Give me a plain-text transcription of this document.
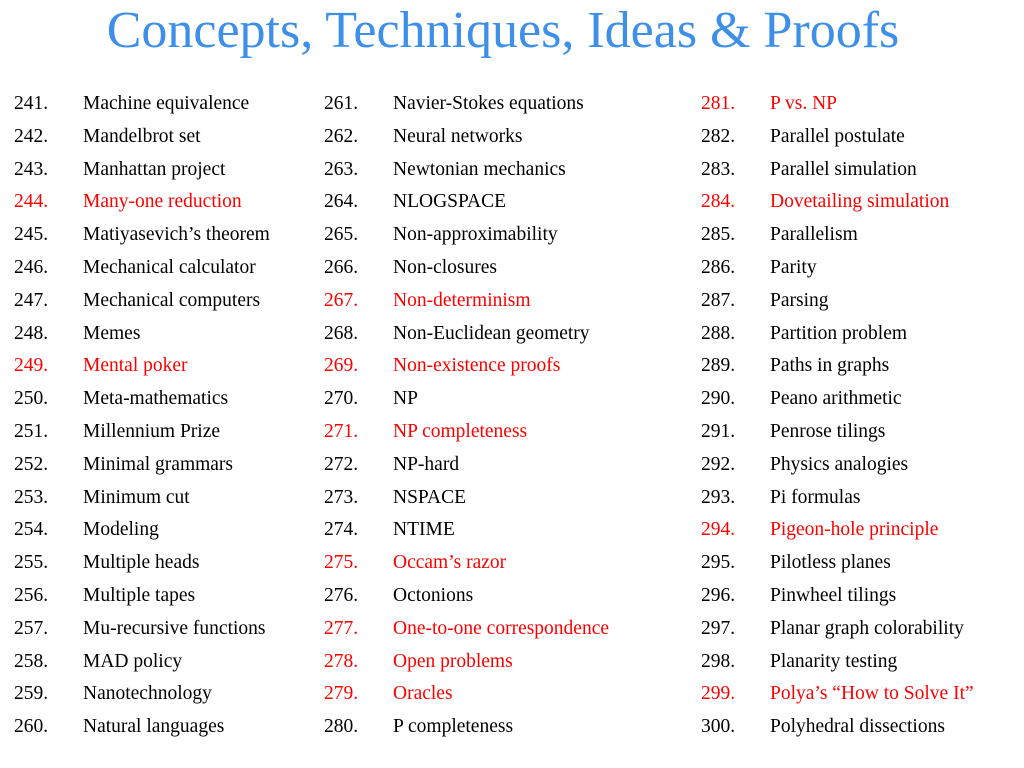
Concepts, Techniques, Ideas & Proofs
241. Machine equivalence
242. Mandelbrot set
243. Manhattan project
244. Many-one reduction
245. Matiyasevich’s theorem
246. Mechanical calculator
247. Mechanical computers
248. Memes
249. Mental poker
250. Meta-mathematics
251. Millennium Prize
252. Minimal grammars
253. Minimum cut
254. Modeling
255. Multiple heads
256. Multiple tapes
257. Mu-recursive functions
258. MAD policy
259. Nanotechnology
260. Natural languages
261. Navier-Stokes equations
262. Neural networks
263. Newtonian mechanics
264. NLOGSPACE
265. Non-approximability
266. Non-closures
267. Non-determinism
268. Non-Euclidean geometry
269. Non-existence proofs
270. NP
271. NP completeness
272. NP-hard
273. NSPACE
274. NTIME
275. Occam’s razor
276. Octonions
277. One-to-one correspondence
278. Open problems
279. Oracles
280. P completeness
281. P vs. NP
282. Parallel postulate
283. Parallel simulation
284. Dovetailing simulation
285. Parallelism
286. Parity
287. Parsing
288. Partition problem
289. Paths in graphs
290. Peano arithmetic
291. Penrose tilings
292. Physics analogies
293. Pi formulas
294. Pigeon-hole principle
295. Pilotless planes
296. Pinwheel tilings
297. Planar graph colorability
298. Planarity testing
299. Polya’s “How to Solve It”
300. Polyhedral dissections
